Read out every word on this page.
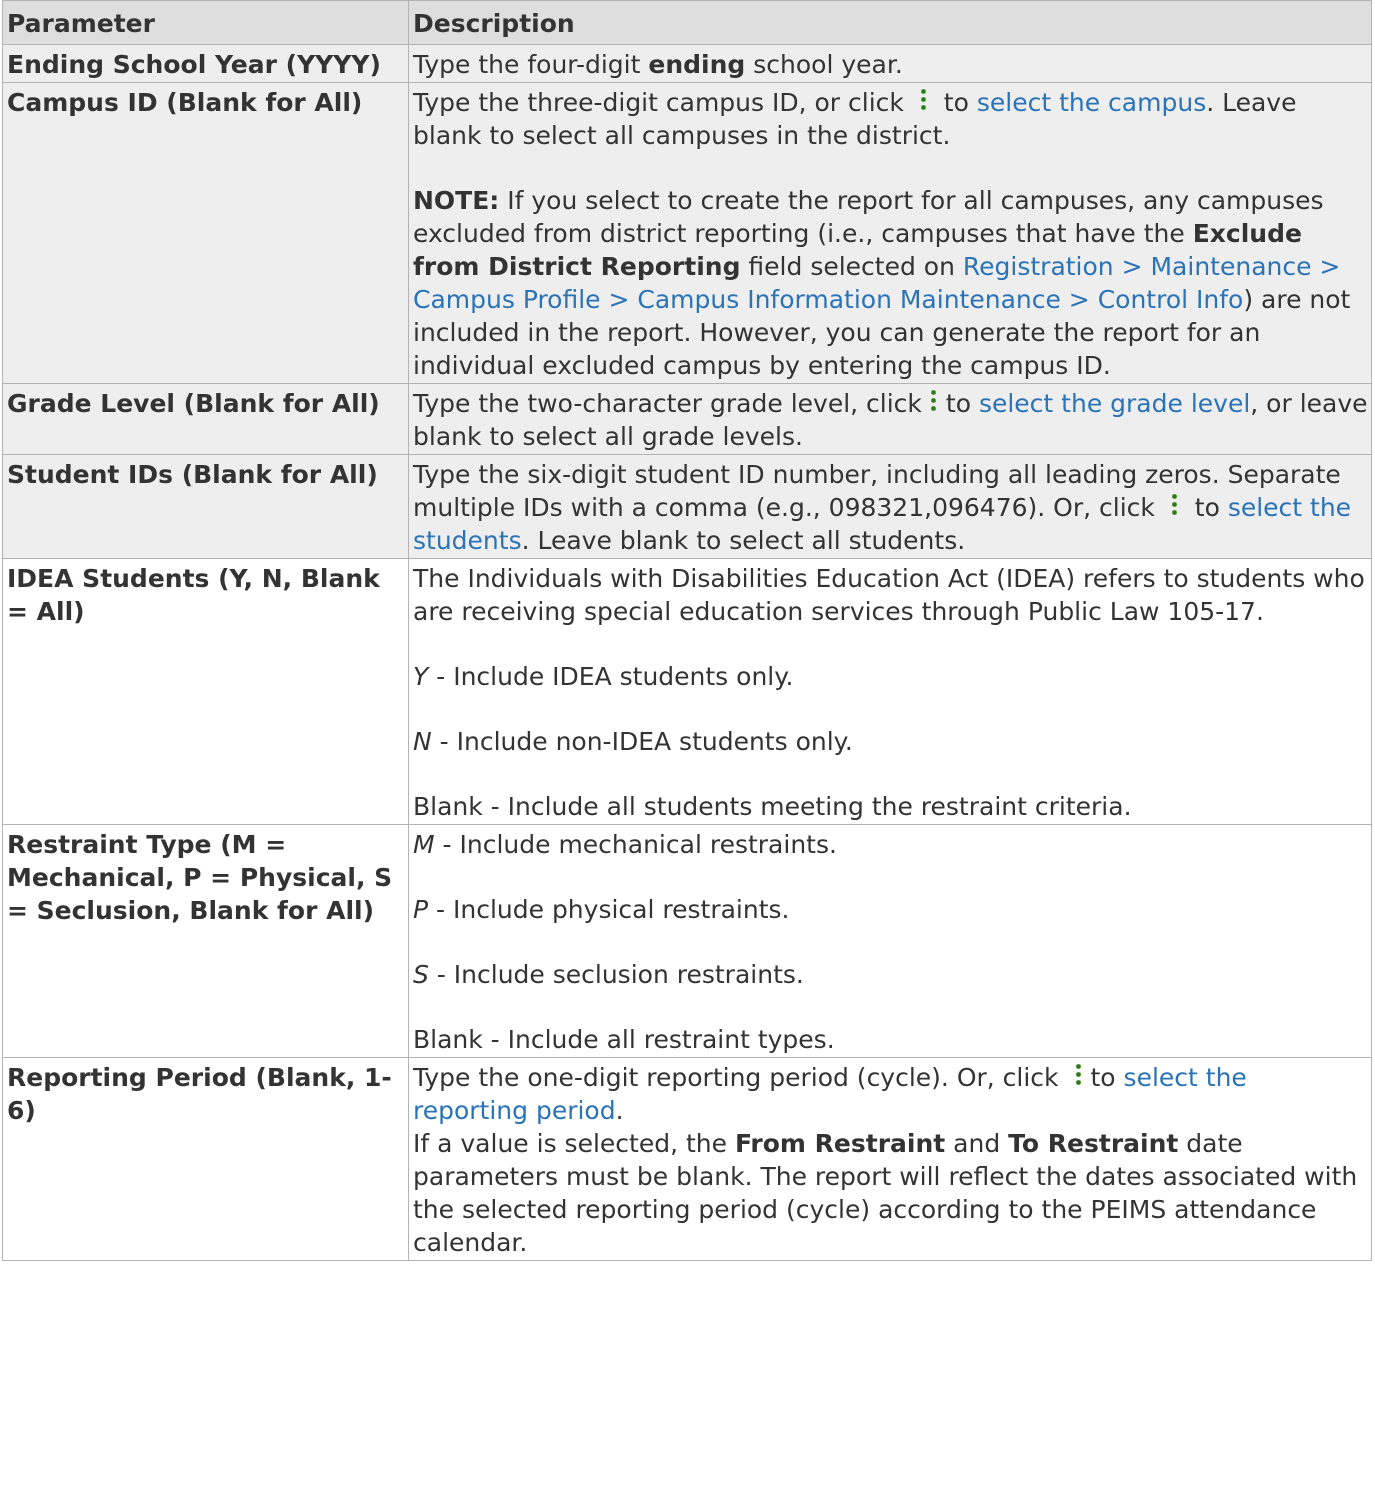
Parameter	Description
Ending School Year (YYYY)	Type the four-digit ending school year.
Campus ID (Blank for All)	Type the three-digit campus ID, or click to select the campus. Leave blank to select all campuses in the district.

NOTE: If you select to create the report for all campuses, any campuses excluded from district reporting (i.e., campuses that have the Exclude from District Reporting field selected on Registration > Maintenance > Campus Profile > Campus Information Maintenance > Control Info) are not included in the report. However, you can generate the report for an individual excluded campus by entering the campus ID.

Grade Level (Blank for All)	Type the two-character grade level, click to select the grade level, or leave blank to select all grade levels.
Student IDs (Blank for All)	Type the six-digit student ID number, including all leading zeros. Separate multiple IDs with a comma (e.g., 098321,096476). Or, click to select the students. Leave blank to select all students.
IDEA Students (Y, N, Blank = All)	The Individuals with Disabilities Education Act (IDEA) refers to students who are receiving special education services through Public Law 105-17.

Y - Include IDEA students only.

N - Include non-IDEA students only.

Blank - Include all students meeting the restraint criteria.

Restraint Type (M = Mechanical, P = Physical, S = Seclusion, Blank for All)	M - Include mechanical restraints.

P - Include physical restraints.

S - Include seclusion restraints.

Blank - Include all restraint types.

Reporting Period (Blank, 1-6)	Type the one-digit reporting period (cycle). Or, click to select the reporting period.

If a value is selected, the From Restraint and To Restraint date parameters must be blank. The report will reflect the dates associated with the selected reporting period (cycle) according to the PEIMS attendance calendar.
